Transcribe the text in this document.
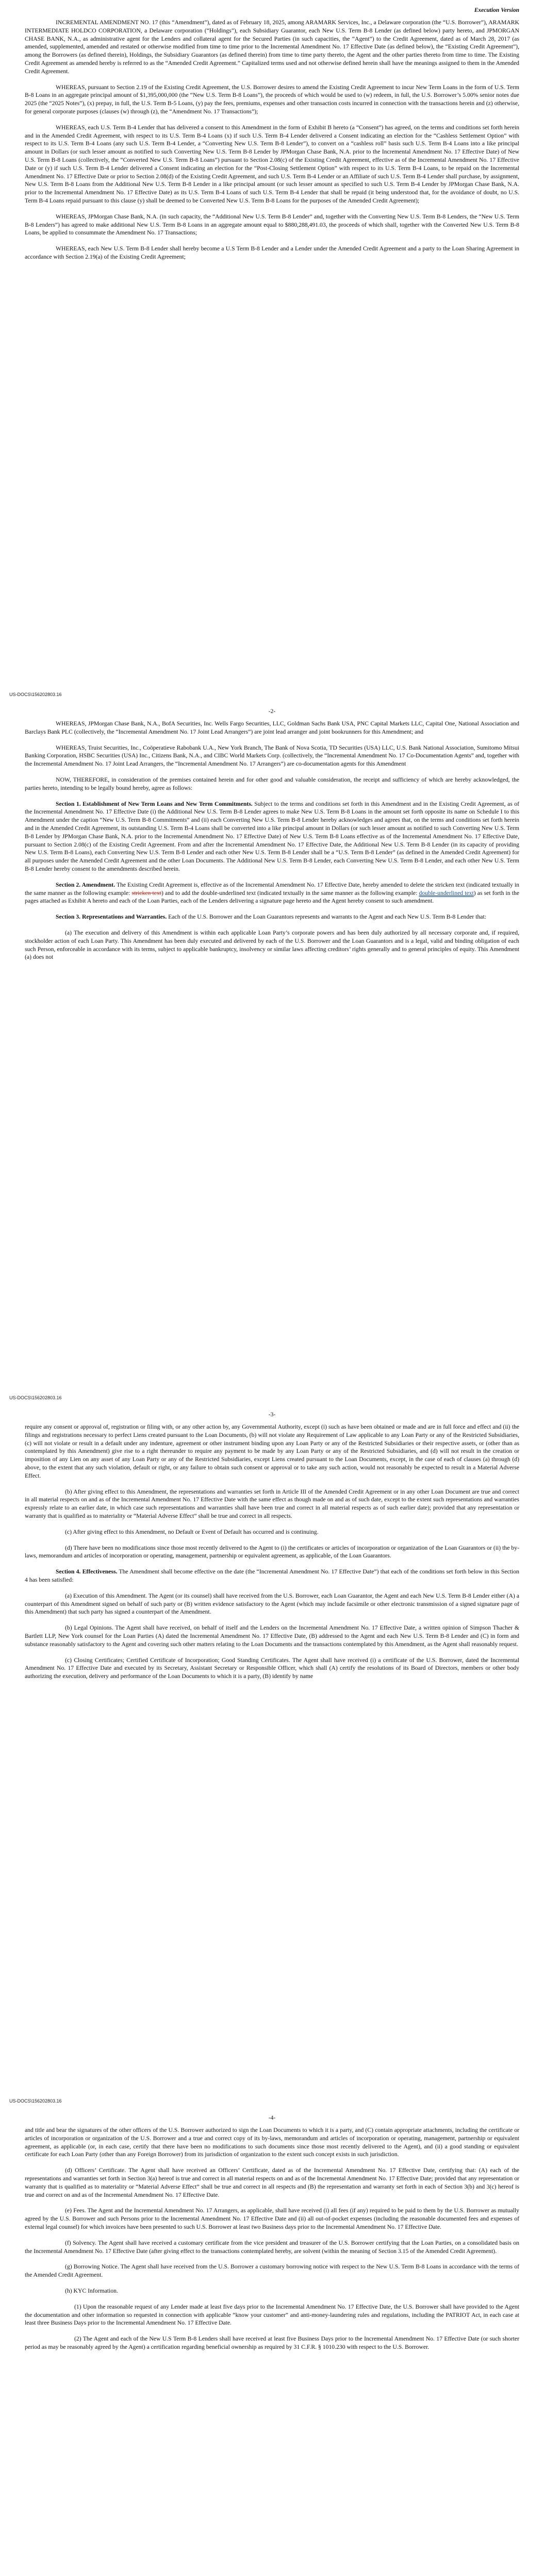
Execution Version

INCREMENTAL AMENDMENT NO. 17 (this “Amendment”), dated as of February 18, 2025, among ARAMARK Services, Inc., a Delaware corporation (the “U.S. Borrower”), ARAMARK INTERMEDIATE HOLDCO CORPORATION, a Delaware corporation (“Holdings”), each Subsidiary Guarantor, each New U.S. Term B-8 Lender (as defined below) party hereto, and JPMORGAN CHASE BANK, N.A., as administrative agent for the Lenders and collateral agent for the Secured Parties (in such capacities, the “Agent”) to the Credit Agreement, dated as of March 28, 2017 (as amended, supplemented, amended and restated or otherwise modified from time to time prior to the Incremental Amendment No. 17 Effective Date (as defined below), the “Existing Credit Agreement”), among the Borrowers (as defined therein), Holdings, the Subsidiary Guarantors (as defined therein) from time to time party thereto, the Agent and the other parties thereto from time to time. The Existing Credit Agreement as amended hereby is referred to as the “Amended Credit Agreement.” Capitalized terms used and not otherwise defined herein shall have the meanings assigned to them in the Amended Credit Agreement.

WHEREAS, pursuant to Section 2.19 of the Existing Credit Agreement, the U.S. Borrower desires to amend the Existing Credit Agreement to incur New Term Loans in the form of U.S. Term B-8 Loans in an aggregate principal amount of $1,395,000,000 (the “New U.S. Term B-8 Loans”), the proceeds of which would be used to (w) redeem, in full, the U.S. Borrower’s 5.00% senior notes due 2025 (the “2025 Notes”), (x) prepay, in full, the U.S. Term B-5 Loans, (y) pay the fees, premiums, expenses and other transaction costs incurred in connection with the transactions herein and (z) otherwise, for general corporate purposes (clauses (w) through (z), the “Amendment No. 17 Transactions”);

WHEREAS, each U.S. Term B-4 Lender that has delivered a consent to this Amendment in the form of Exhibit B hereto (a “Consent”) has agreed, on the terms and conditions set forth herein and in the Amended Credit Agreement, with respect to its U.S. Term B-4 Loans (x) if such U.S. Term B-4 Lender delivered a Consent indicating an election for the “Cashless Settlement Option” with respect to its U.S. Term B-4 Loans (any such U.S. Term B-4 Lender, a “Converting New U.S. Term B-8 Lender”), to convert on a “cashless roll” basis such U.S. Term B-4 Loans into a like principal amount in Dollars (or such lesser amount as notified to such Converting New U.S. Term B-8 Lender by JPMorgan Chase Bank, N.A. prior to the Incremental Amendment No. 17 Effective Date) of New U.S. Term B-8 Loans (collectively, the “Converted New U.S. Term B-8 Loans”) pursuant to Section 2.08(c) of the Existing Credit Agreement, effective as of the Incremental Amendment No. 17 Effective Date or (y) if such U.S. Term B-4 Lender delivered a Consent indicating an election for the “Post-Closing Settlement Option” with respect to its U.S. Term B-4 Loans, to be repaid on the Incremental Amendment No. 17 Effective Date or prior to Section 2.08(d) of the Existing Credit Agreement, and such U.S. Term B-4 Lender or an Affiliate of such U.S. Term B-4 Lender shall purchase, by assignment, New U.S. Term B-8 Loans from the Additional New U.S. Term B-8 Lender in a like principal amount (or such lesser amount as specified to such U.S. Term B-4 Lender by JPMorgan Chase Bank, N.A. prior to the Incremental Amendment No. 17 Effective Date) as its U.S. Term B-4 Loans of such U.S. Term B-4 Lender that shall be repaid (it being understood that, for the avoidance of doubt, no U.S. Term B-4 Loans repaid pursuant to this clause (y) shall be deemed to be Converted New U.S. Term B-8 Loans for the purposes of the Amended Credit Agreement);

WHEREAS, JPMorgan Chase Bank, N.A. (in such capacity, the “Additional New U.S. Term B-8 Lender” and, together with the Converting New U.S. Term B-8 Lenders, the “New U.S. Term B-8 Lenders”) has agreed to make additional New U.S. Term B-8 Loans in an aggregate amount equal to $880,288,491.03, the proceeds of which shall, together with the Converted New U.S. Term B-8 Loans, be applied to consummate the Amendment No. 17 Transactions;

WHEREAS, each New U.S. Term B-8 Lender shall hereby become a U.S Term B-8 Lender and a Lender under the Amended Credit Agreement and a party to the Loan Sharing Agreement in accordance with Section 2.19(a) of the Existing Credit Agreement;

US-DOCS\156202803.16
-2-

WHEREAS, JPMorgan Chase Bank, N.A., BofA Securities, Inc. Wells Fargo Securities, LLC, Goldman Sachs Bank USA, PNC Capital Markets LLC, Capital One, National Association and Barclays Bank PLC (collectively, the “Incremental Amendment No. 17 Joint Lead Arrangers”) are joint lead arranger and joint bookrunners for this Amendment; and

WHEREAS, Truist Securities, Inc., Coöperatieve Rabobank U.A., New York Branch, The Bank of Nova Scotia, TD Securities (USA) LLC, U.S. Bank National Association, Sumitomo Mitsui Banking Corporation, HSBC Securities (USA) Inc., Citizens Bank, N.A., and CIBC World Markets Corp. (collectively, the “Incremental Amendment No. 17 Co-Documentation Agents” and, together with the Incremental Amendment No. 17 Joint Lead Arrangers, the “Incremental Amendment No. 17 Arrangers”) are co-documentation agents for this Amendment

NOW, THEREFORE, in consideration of the premises contained herein and for other good and valuable consideration, the receipt and sufficiency of which are hereby acknowledged, the parties hereto, intending to be legally bound hereby, agree as follows:

Section 1. Establishment of New Term Loans and New Term Commitments. Subject to the terms and conditions set forth in this Amendment and in the Existing Credit Agreement, as of the Incremental Amendment No. 17 Effective Date (i) the Additional New U.S. Term B-8 Lender agrees to make New U.S. Term B-8 Loans in the amount set forth opposite its name on Schedule I to this Amendment under the caption “New U.S. Term B-8 Commitments” and (ii) each Converting New U.S. Term B-8 Lender hereby acknowledges and agrees that, on the terms and conditions set forth herein and in the Amended Credit Agreement, its outstanding U.S. Term B-4 Loans shall be converted into a like principal amount in Dollars (or such lesser amount as notified to such Converting New U.S. Term B-8 Lender by JPMorgan Chase Bank, N.A. prior to the Incremental Amendment No. 17 Effective Date) of New U.S. Term B-8 Loans effective as of the Incremental Amendment No. 17 Effective Date, pursuant to Section 2.08(c) of the Existing Credit Agreement. From and after the Incremental Amendment No. 17 Effective Date, the Additional New U.S. Term B-8 Lender (in its capacity of providing New U.S. Term B-8 Loans), each Converting New U.S. Term B-8 Lender and each other New U.S. Term B-8 Lender shall be a “U.S. Term B-8 Lender” (as defined in the Amended Credit Agreement) for all purposes under the Amended Credit Agreement and the other Loan Documents. The Additional New U.S. Term B-8 Lender, each Converting New U.S. Term B-8 Lender, and each other New U.S. Term B-8 Lender hereby consent to the amendments described herein.

Section 2. Amendment. The Existing Credit Agreement is, effective as of the Incremental Amendment No. 17 Effective Date, hereby amended to delete the stricken text (indicated textually in the same manner as the following example: stricken text) and to add the double-underlined text (indicated textually in the same manner as the following example: double-underlined text) as set forth in the pages attached as Exhibit A hereto and each of the Loan Parties, each of the Lenders delivering a signature page hereto and the Agent hereby consent to such amendment.

Section 3. Representations and Warranties. Each of the U.S. Borrower and the Loan Guarantors represents and warrants to the Agent and each New U.S. Term B-8 Lender that:

(a) The execution and delivery of this Amendment is within each applicable Loan Party’s corporate powers and has been duly authorized by all necessary corporate and, if required, stockholder action of each Loan Party. This Amendment has been duly executed and delivered by each of the U.S. Borrower and the Loan Guarantors and is a legal, valid and binding obligation of each such Person, enforceable in accordance with its terms, subject to applicable bankruptcy, insolvency or similar laws affecting creditors’ rights generally and to general principles of equity. This Amendment (a) does not

US-DOCS\156202803.16
-3-

require any consent or approval of, registration or filing with, or any other action by, any Governmental Authority, except (i) such as have been obtained or made and are in full force and effect and (ii) the filings and registrations necessary to perfect Liens created pursuant to the Loan Documents, (b) will not violate any Requirement of Law applicable to any Loan Party or any of the Restricted Subsidiaries, (c) will not violate or result in a default under any indenture, agreement or other instrument binding upon any Loan Party or any of the Restricted Subsidiaries or their respective assets, or (other than as contemplated by this Amendment) give rise to a right thereunder to require any payment to be made by any Loan Party or any of the Restricted Subsidiaries, and (d) will not result in the creation or imposition of any Lien on any asset of any Loan Party or any of the Restricted Subsidiaries, except Liens created pursuant to the Loan Documents, except, in the case of each of clauses (a) through (d) above, to the extent that any such violation, default or right, or any failure to obtain such consent or approval or to take any such action, would not reasonably be expected to result in a Material Adverse Effect.

(b) After giving effect to this Amendment, the representations and warranties set forth in Article III of the Amended Credit Agreement or in any other Loan Document are true and correct in all material respects on and as of the Incremental Amendment No. 17 Effective Date with the same effect as though made on and as of such date, except to the extent such representations and warranties expressly relate to an earlier date, in which case such representations and warranties shall have been true and correct in all material respects as of such earlier date); provided that any representation or warranty that is qualified as to materiality or “Material Adverse Effect” shall be true and correct in all respects.

(c) After giving effect to this Amendment, no Default or Event of Default has occurred and is continuing.

(d) There have been no modifications since those most recently delivered to the Agent to (i) the certificates or articles of incorporation or organization of the Loan Guarantors or (ii) the by-laws, memorandum and articles of incorporation or operating, management, partnership or equivalent agreement, as applicable, of the Loan Guarantors.

Section 4. Effectiveness. The Amendment shall become effective on the date (the “Incremental Amendment No. 17 Effective Date”) that each of the conditions set forth below in this Section 4 has been satisfied:

(a) Execution of this Amendment. The Agent (or its counsel) shall have received from the U.S. Borrower, each Loan Guarantor, the Agent and each New U.S. Term B-8 Lender either (A) a counterpart of this Amendment signed on behalf of such party or (B) written evidence satisfactory to the Agent (which may include facsimile or other electronic transmission of a signed signature page of this Amendment) that such party has signed a counterpart of the Amendment.

(b) Legal Opinions. The Agent shall have received, on behalf of itself and the Lenders on the Incremental Amendment No. 17 Effective Date, a written opinion of Simpson Thacher & Bartlett LLP, New York counsel for the Loan Parties (A) dated the Incremental Amendment No. 17 Effective Date, (B) addressed to the Agent and each New U.S. Term B-8 Lender and (C) in form and substance reasonably satisfactory to the Agent and covering such other matters relating to the Loan Documents and the transactions contemplated by this Amendment, as the Agent shall reasonably request.

(c) Closing Certificates; Certified Certificate of Incorporation; Good Standing Certificates. The Agent shall have received (i) a certificate of the U.S. Borrower, dated the Incremental Amendment No. 17 Effective Date and executed by its Secretary, Assistant Secretary or Responsible Officer, which shall (A) certify the resolutions of its Board of Directors, members or other body authorizing the execution, delivery and performance of the Loan Documents to which it is a party, (B) identify by name

US-DOCS\156202803.16
-4-

and title and bear the signatures of the other officers of the U.S. Borrower authorized to sign the Loan Documents to which it is a party, and (C) contain appropriate attachments, including the certificate or articles of incorporation or organization of the U.S. Borrower and a true and correct copy of its by-laws, memorandum and articles of incorporation or operating, management, partnership or equivalent agreement, as applicable (or, in each case, certify that there have been no modifications to such documents since those most recently delivered to the Agent), and (ii) a good standing or equivalent certificate for each Loan Party (other than any Foreign Borrower) from its jurisdiction of organization to the extent such concept exists in such jurisdiction.

(d) Officers’ Certificate. The Agent shall have received an Officers’ Certificate, dated as of the Incremental Amendment No. 17 Effective Date, certifying that: (A) each of the representations and warranties set forth in Section 3(a) hereof is true and correct in all material respects on and as of the Incremental Amendment No. 17 Effective Date; provided that any representation or warranty that is qualified as to materiality or “Material Adverse Effect” shall be true and correct in all respects and (B) the representation and warranty set forth in each of Section 3(b) and 3(c) hereof is true and correct on and as of the Incremental Amendment No. 17 Effective Date.

(e) Fees. The Agent and the Incremental Amendment No. 17 Arrangers, as applicable, shall have received (i) all fees (if any) required to be paid to them by the U.S. Borrower as mutually agreed by the U.S. Borrower and such Persons prior to the Incremental Amendment No. 17 Effective Date and (ii) all out-of-pocket expenses (including the reasonable documented fees and expenses of external legal counsel) for which invoices have been presented to such U.S. Borrower at least two Business days prior to the Incremental Amendment No. 17 Effective Date.

(f) Solvency. The Agent shall have received a customary certificate from the vice president and treasurer of the U.S. Borrower certifying that the Loan Parties, on a consolidated basis on the Incremental Amendment No. 17 Effective Date (after giving effect to the transactions contemplated hereby, are solvent (within the meaning of Section 3.15 of the Amended Credit Agreement).

(g) Borrowing Notice. The Agent shall have received from the U.S. Borrower a customary borrowing notice with respect to the New U.S. Term B-8 Loans in accordance with the terms of the Amended Credit Agreement.

(h) KYC Information.

(1) Upon the reasonable request of any Lender made at least five days prior to the Incremental Amendment No. 17 Effective Date, the U.S. Borrower shall have provided to the Agent the documentation and other information so requested in connection with applicable “know your customer” and anti-money-laundering rules and regulations, including the PATRIOT Act, in each case at least three Business Days prior to the Incremental Amendment No. 17 Effective Date.

(2) The Agent and each of the New U.S Term B-8 Lenders shall have received at least five Business Days prior to the Incremental Amendment No. 17 Effective Date (or such shorter period as may be reasonably agreed by the Agent) a certification regarding beneficial ownership as required by 31 C.F.R. § 1010.230 with respect to the U.S. Borrower.
